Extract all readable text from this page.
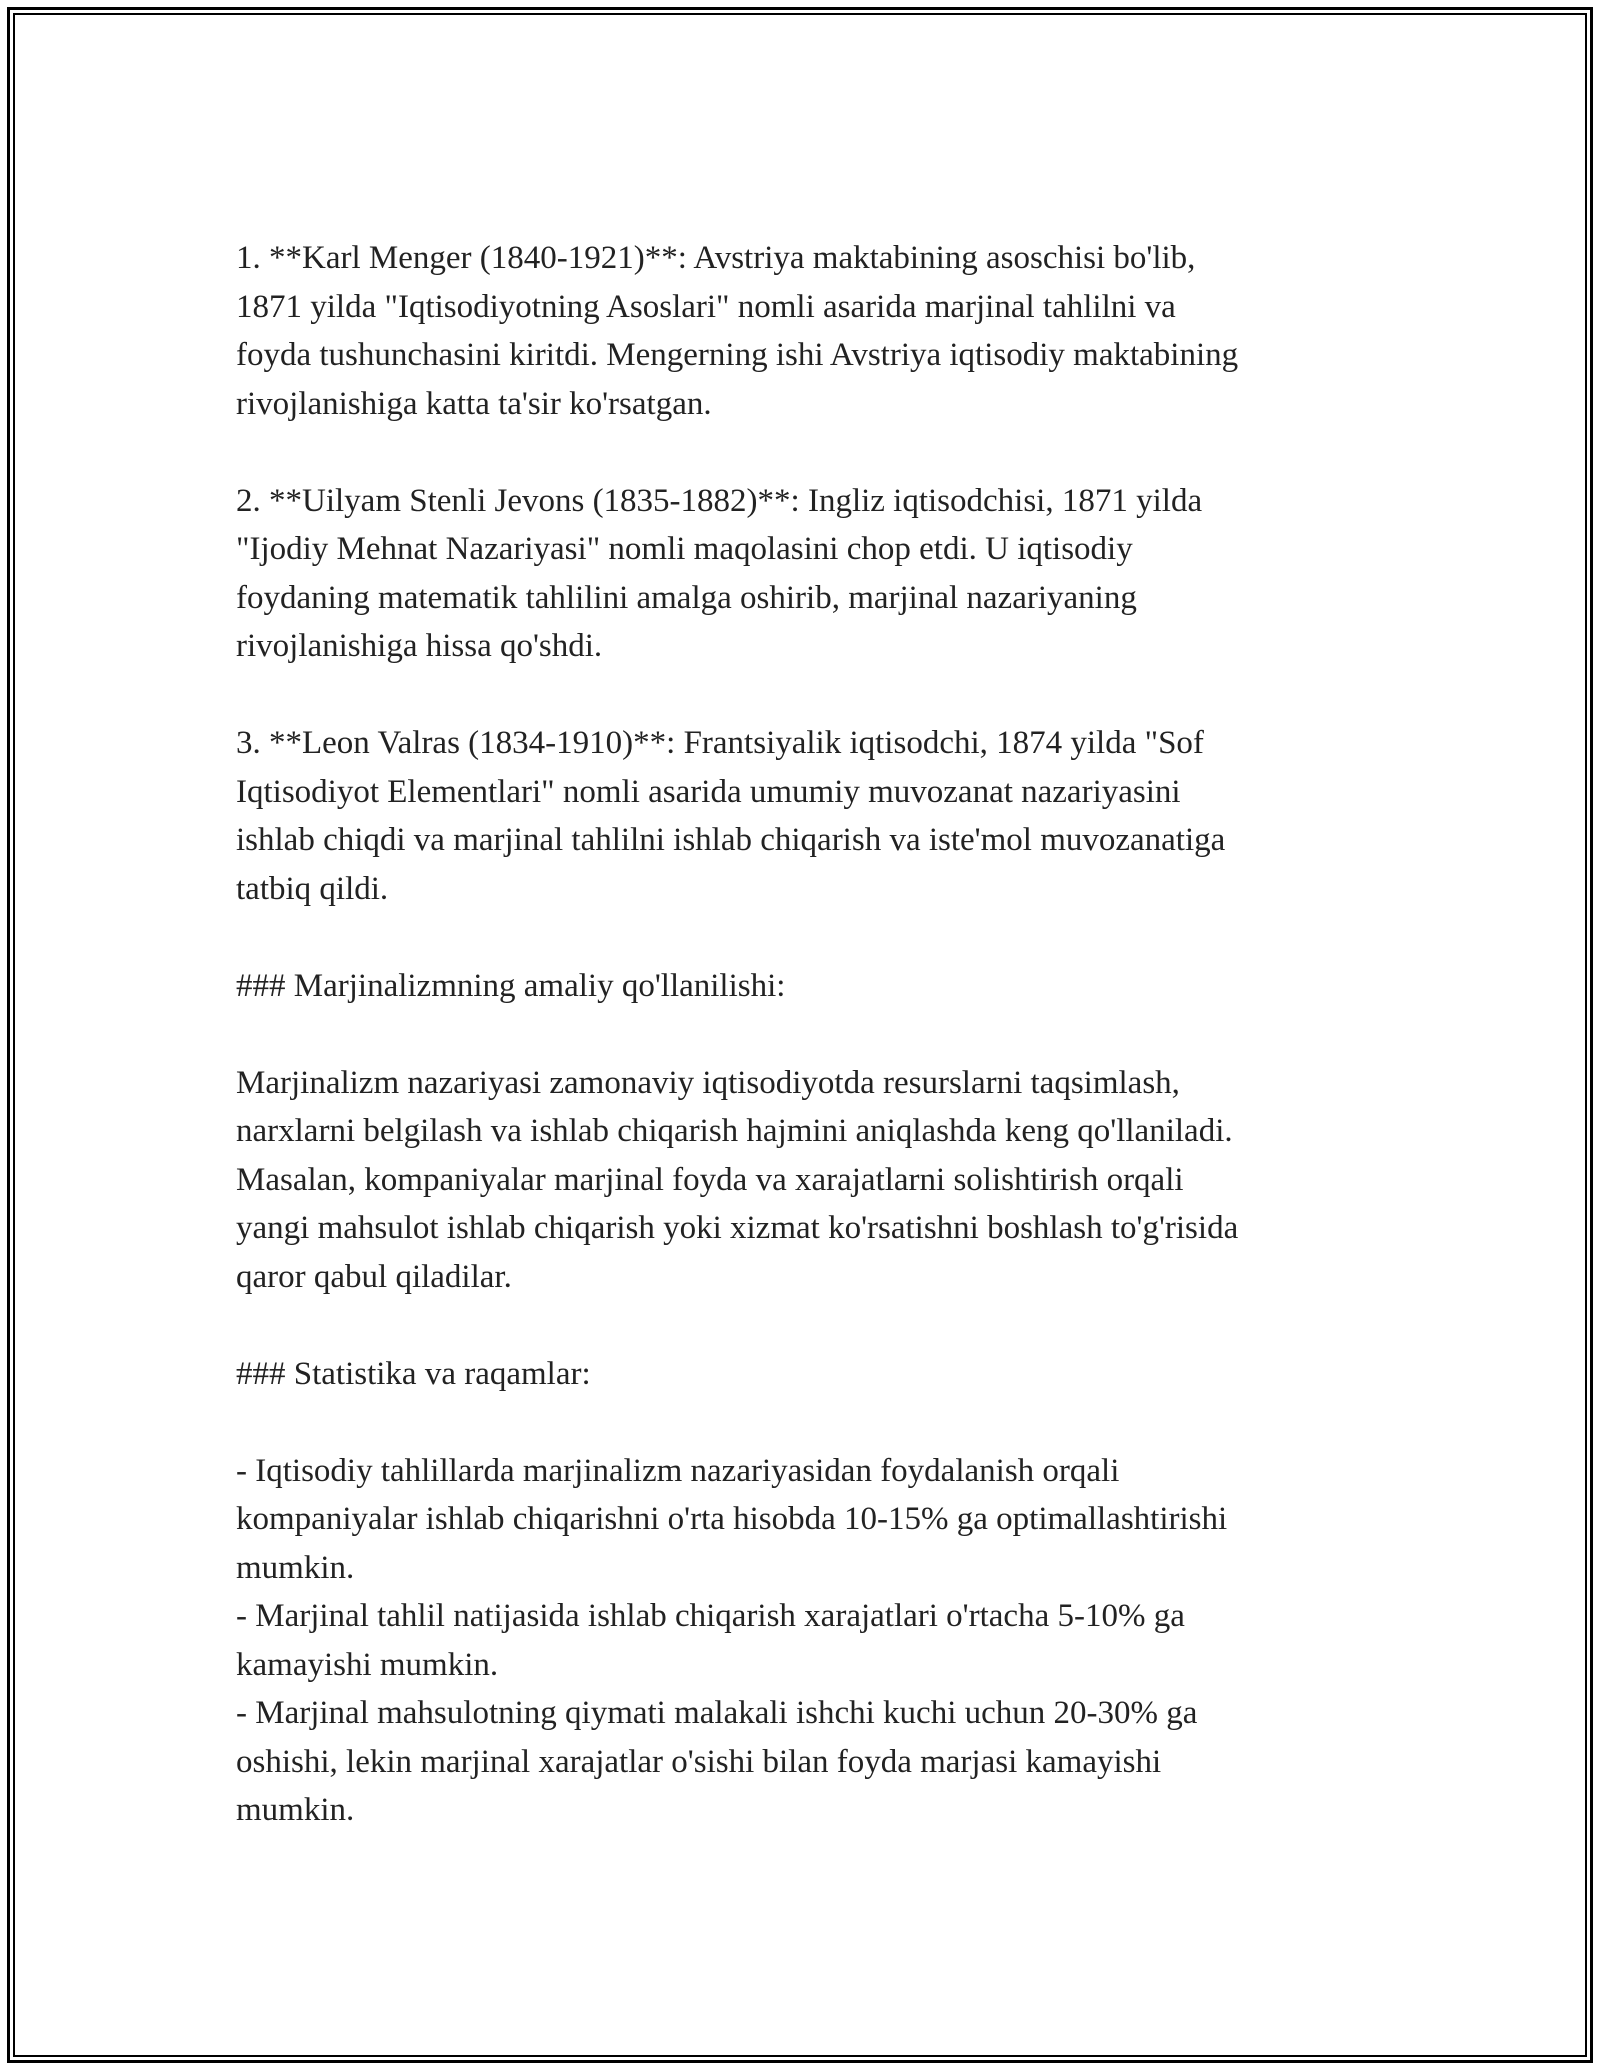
1. **Karl Menger (1840-1921)**: Avstriya maktabining asoschisi bo'lib,
1871 yilda "Iqtisodiyotning Asoslari" nomli asarida marjinal tahlilni va
foyda tushunchasini kiritdi. Mengerning ishi Avstriya iqtisodiy maktabining
rivojlanishiga katta ta'sir ko'rsatgan.

2. **Uilyam Stenli Jevons (1835-1882)**: Ingliz iqtisodchisi, 1871 yilda
"Ijodiy Mehnat Nazariyasi" nomli maqolasini chop etdi. U iqtisodiy
foydaning matematik tahlilini amalga oshirib, marjinal nazariyaning
rivojlanishiga hissa qo'shdi.

3. **Leon Valras (1834-1910)**: Frantsiyalik iqtisodchi, 1874 yilda "Sof
Iqtisodiyot Elementlari" nomli asarida umumiy muvozanat nazariyasini
ishlab chiqdi va marjinal tahlilni ishlab chiqarish va iste'mol muvozanatiga
tatbiq qildi.

### Marjinalizmning amaliy qo'llanilishi:

Marjinalizm nazariyasi zamonaviy iqtisodiyotda resurslarni taqsimlash,
narxlarni belgilash va ishlab chiqarish hajmini aniqlashda keng qo'llaniladi.
Masalan, kompaniyalar marjinal foyda va xarajatlarni solishtirish orqali
yangi mahsulot ishlab chiqarish yoki xizmat ko'rsatishni boshlash to'g'risida
qaror qabul qiladilar.

### Statistika va raqamlar:

- Iqtisodiy tahlillarda marjinalizm nazariyasidan foydalanish orqali
kompaniyalar ishlab chiqarishni o'rta hisobda 10-15% ga optimallashtirishi
mumkin.
- Marjinal tahlil natijasida ishlab chiqarish xarajatlari o'rtacha 5-10% ga
kamayishi mumkin.
- Marjinal mahsulotning qiymati malakali ishchi kuchi uchun 20-30% ga
oshishi, lekin marjinal xarajatlar o'sishi bilan foyda marjasi kamayishi
mumkin.
